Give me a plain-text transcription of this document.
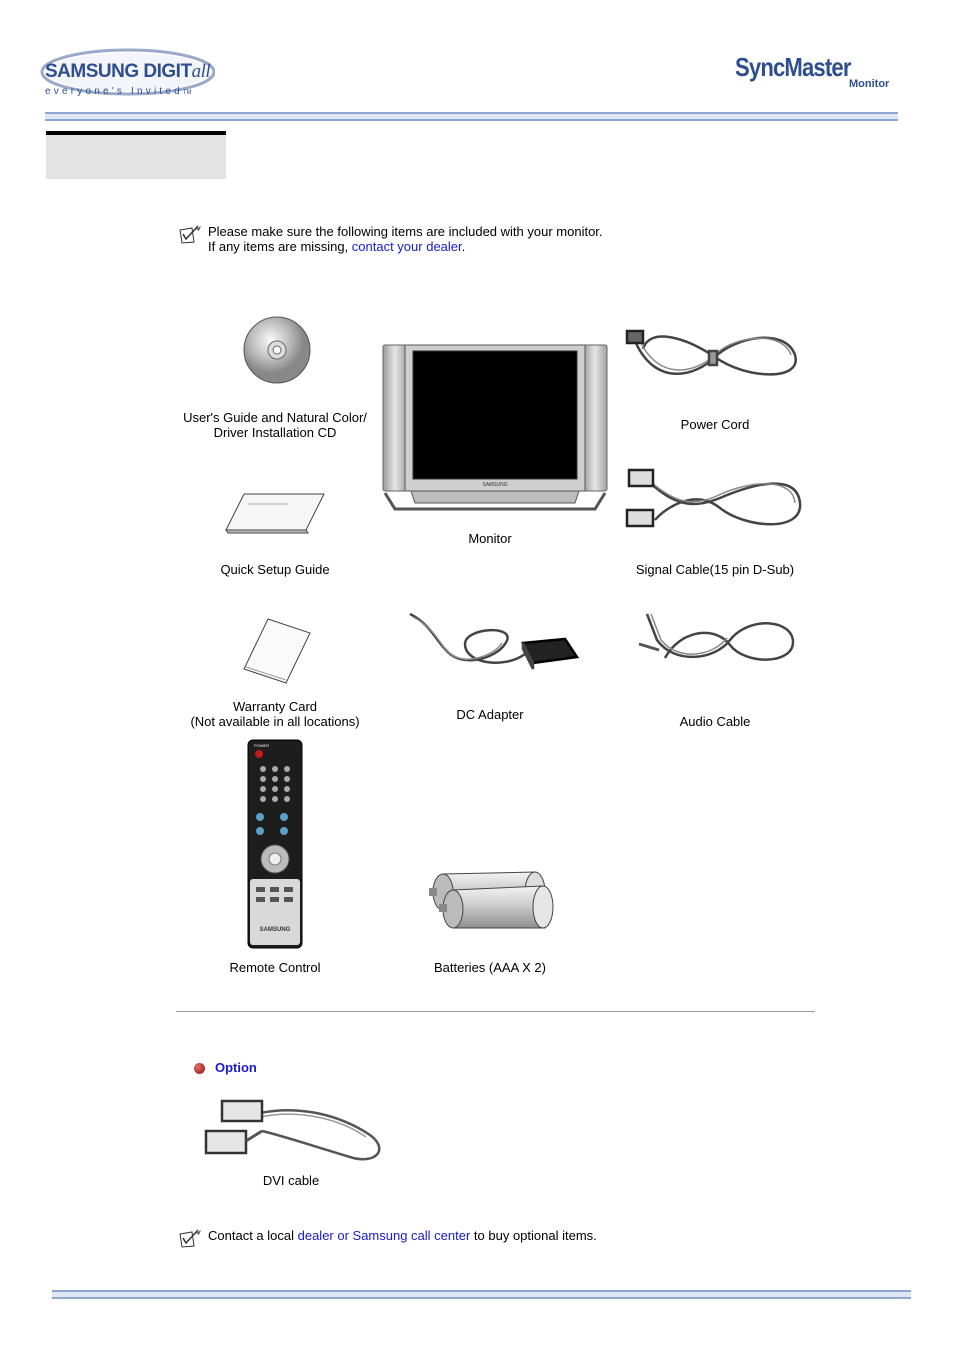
SAMSUNG DIGITall
everyone's InvitedTM
SyncMaster
Monitor
Please make sure the following items are included with your monitor.
If any items are missing, contact your dealer.
User's Guide and Natural Color/
Driver Installation CD
SAMSUNG
Monitor
Power Cord
Quick Setup Guide	Signal Cable(15 pin D-Sub)
Warranty Card
(Not available in all locations)	DC Adapter	Audio Cable
POWER
SAMSUNG
Remote Control	Batteries (AAA X 2)
Option
DVI cable
Contact a local dealer or Samsung call center to buy optional items.
